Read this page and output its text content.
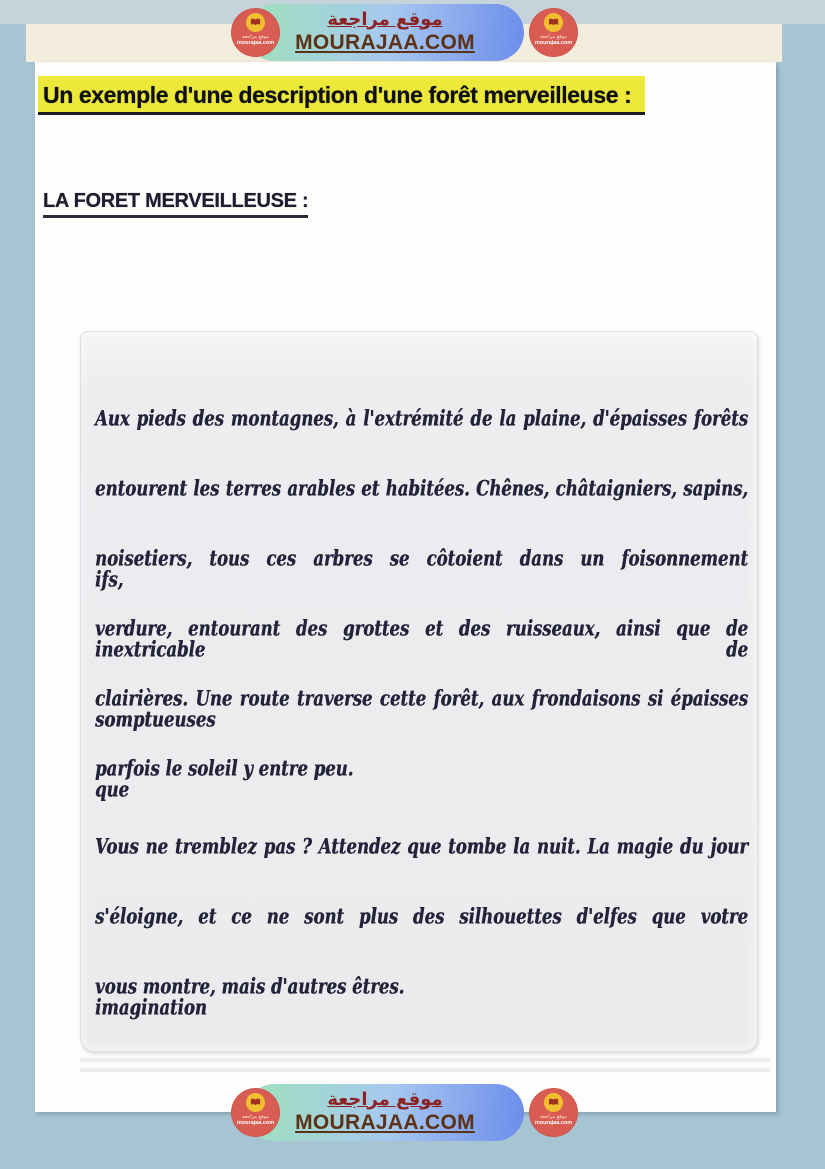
Un exemple d'une description d'une forêt merveilleuse :
LA FORET MERVEILLEUSE :
Aux pieds des montagnes, à l'extrémité de la plaine, d'épaisses forêts
entourent les terres arables et habitées. Chênes, châtaigniers, sapins, ifs,
noisetiers, tous ces arbres se côtoient dans un foisonnement inextricable de
verdure, entourant des grottes et des ruisseaux, ainsi que de somptueuses
clairières. Une route traverse cette forêt, aux frondaisons si épaisses que
parfois le soleil y entre peu.
Vous ne tremblez pas ? Attendez que tombe la nuit. La magie du jour
s'éloigne, et ce ne sont plus des silhouettes d'elfes que votre imagination
vous montre, mais d'autres êtres.
موقع مراجعة
MOURAJAA.COM
موقع مراجعة
mourajaa.com
موقع مراجعة
mourajaa.com
موقع مراجعة
MOURAJAA.COM
موقع مراجعة
mourajaa.com
موقع مراجعة
mourajaa.com
